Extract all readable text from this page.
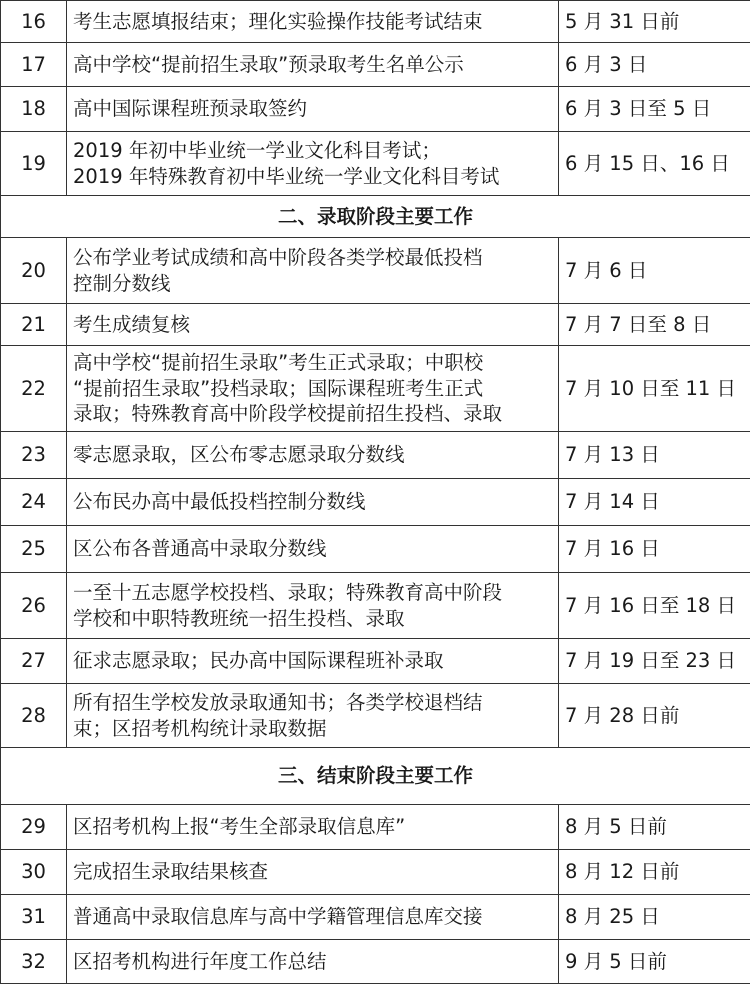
16	考生志愿填报结束；理化实验操作技能考试结束	5 月 31 日前
17	高中学校“提前招生录取”预录取考生名单公示	6 月 3 日
18	高中国际课程班预录取签约	6 月 3 日至 5 日
19	2019 年初中毕业统一学业文化科目考试；
2019 年特殊教育初中毕业统一学业文化科目考试	6 月 15 日、16 日
二、录取阶段主要工作		
20	公布学业考试成绩和高中阶段各类学校最低投档
控制分数线	7 月 6 日
21	考生成绩复核	7 月 7 日至 8 日
22	高中学校“提前招生录取”考生正式录取；中职校
“提前招生录取”投档录取；国际课程班考生正式
录取；特殊教育高中阶段学校提前招生投档、录取	7 月 10 日至 11 日
23	零志愿录取，区公布零志愿录取分数线	7 月 13 日
24	公布民办高中最低投档控制分数线	7 月 14 日
25	区公布各普通高中录取分数线	7 月 16 日
26	一至十五志愿学校投档、录取；特殊教育高中阶段
学校和中职特教班统一招生投档、录取	7 月 16 日至 18 日
27	征求志愿录取；民办高中国际课程班补录取	7 月 19 日至 23 日
28	所有招生学校发放录取通知书；各类学校退档结
束；区招考机构统计录取数据	7 月 28 日前
三、结束阶段主要工作		
29	区招考机构上报“考生全部录取信息库”	8 月 5 日前
30	完成招生录取结果核查	8 月 12 日前
31	普通高中录取信息库与高中学籍管理信息库交接	8 月 25 日
32	区招考机构进行年度工作总结	9 月 5 日前
